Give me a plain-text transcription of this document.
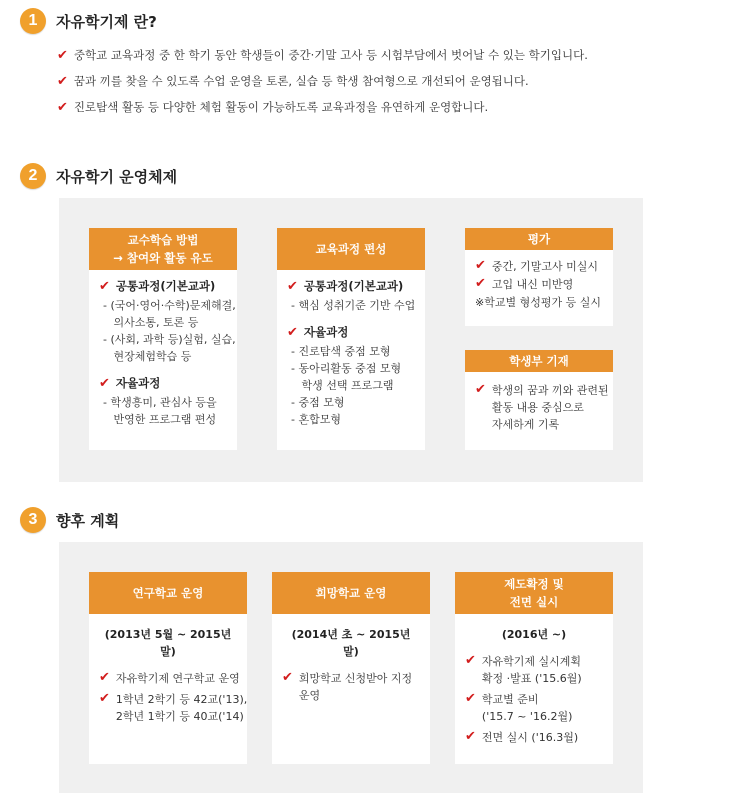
1	자유학기제 란?
✔ 중학교 교육과정 중 한 학기 동안 학생들이 중간·기말 고사 등 시험부담에서 벗어날 수 있는 학기입니다.
✔ 꿈과 끼를 찾을 수 있도록 수업 운영을 토론, 실습 등 학생 참여형으로 개선되어 운영됩니다.
✔ 진로탐색 활동 등 다양한 체험 활동이 가능하도록 교육과정을 유연하게 운영합니다.
2	자유학기 운영체제
교수학습 방법
→ 참여와 활동 유도
✔ 공통과정(기본교과)
- (국어·영어·수학)문제해결,
의사소통, 토론 등
- (사회, 과학 등)실험, 실습,
현장체험학습 등
✔ 자율과정
- 학생흥미, 관심사 등을
반영한 프로그램 편성
교육과정 편성
✔ 공통과정(기본교과)
- 핵심 성취기준 기반 수업
✔ 자율과정
- 진로탐색 중점 모형
- 동아리활동 중점 모형
학생 선택 프로그램
- 중점 모형
- 혼합모형
평가
✔ 중간, 기말고사 미실시
✔ 고입 내신 미반영
※학교별 형성평가 등 실시
학생부 기재
✔ 학생의 꿈과 끼와 관련된
활동 내용 중심으로
자세하게 기록
3	향후 계획
연구학교 운영
(2013년 5월 ~ 2015년 말)
✔ 자유학기제 연구학교 운영
✔ 1학년 2학기 등 42교('13),
2학년 1학기 등 40교('14)
희망학교 운영
(2014년 초 ~ 2015년 말)
✔ 희망학교 신청받아 지정
운영
제도확정 및
전면 실시
(2016년 ~)
✔ 자유학기제 실시계획
확정 ·발표 ('15.6월)
✔ 학교별 준비
('15.7 ~ '16.2월)
✔ 전면 실시 ('16.3월)
